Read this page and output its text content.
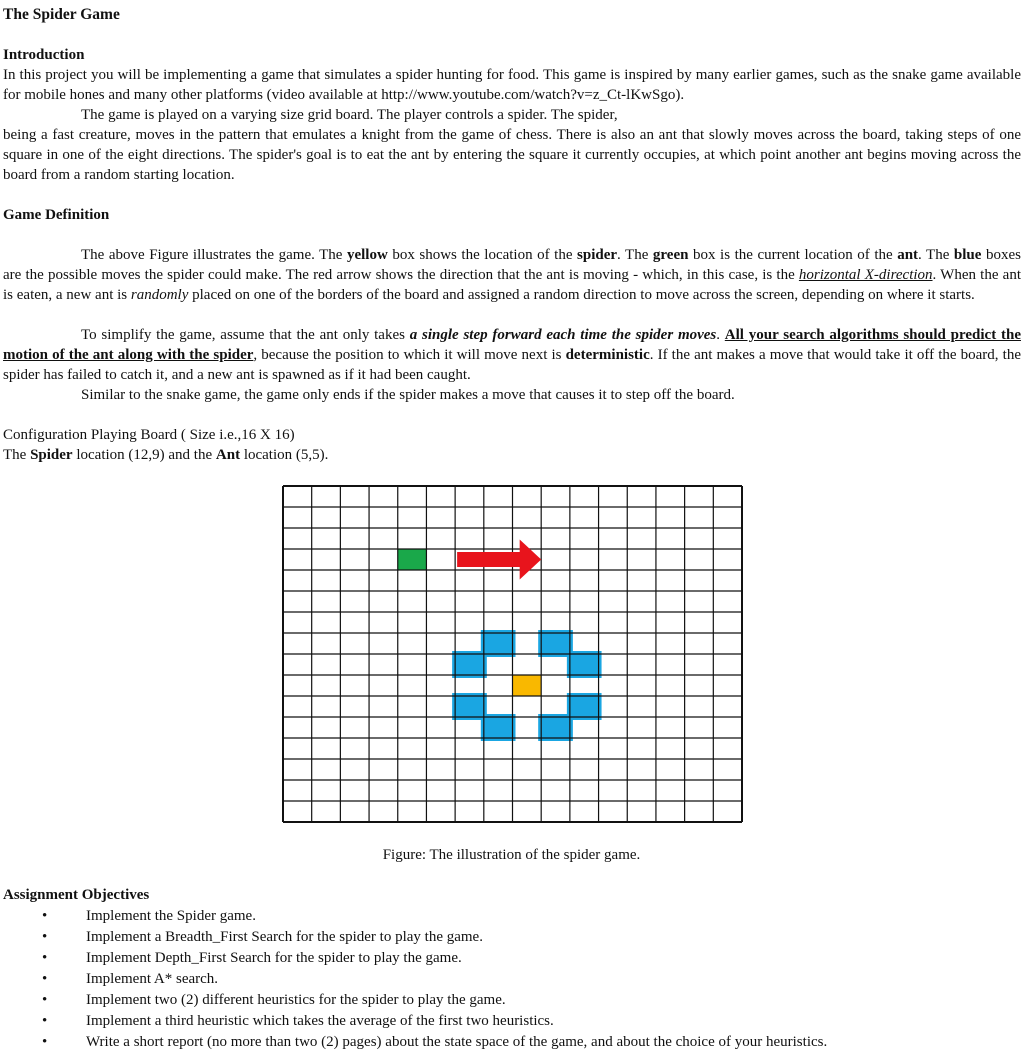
The Spider Game
Introduction
In this project you will be implementing a game that simulates a spider hunting for food. This game is inspired by many earlier games, such as the snake game available for mobile hones and many other platforms (video available at http://www.youtube.com/watch?v=z_Ct-lKwSgo).
The game is played on a varying size grid board. The player controls a spider. The spider,
being a fast creature, moves in the pattern that emulates a knight from the game of chess. There is also an ant that slowly moves across the board, taking steps of one square in one of the eight directions. The spider's goal is to eat the ant by entering the square it currently occupies, at which point another ant begins moving across the board from a random starting location.
Game Definition
The above Figure illustrates the game. The yellow box shows the location of the spider. The green box is the current location of the ant. The blue boxes are the possible moves the spider could make. The red arrow shows the direction that the ant is moving - which, in this case, is the horizontal X-direction. When the ant is eaten, a new ant is randomly placed on one of the borders of the board and assigned a random direction to move across the screen, depending on where it starts.
To simplify the game, assume that the ant only takes a single step forward each time the spider moves. All your search algorithms should predict the motion of the ant along with the spider, because the position to which it will move next is deterministic. If the ant makes a move that would take it off the board, the spider has failed to catch it, and a new ant is spawned as if it had been caught.
Similar to the snake game, the game only ends if the spider makes a move that causes it to step off the board.
Configuration Playing Board ( Size i.e.,16 X 16)
The Spider location (12,9) and the Ant location (5,5).
Figure: The illustration of the spider game.
Assignment Objectives
•	Implement the Spider game.
•	Implement a Breadth_First Search for the spider to play the game.
•	Implement Depth_First Search for the spider to play the game.
•	Implement A* search.
•	Implement two (2) different heuristics for the spider to play the game.
•	Implement a third heuristic which takes the average of the first two heuristics.
•	Write a short report (no more than two (2) pages) about the state space of the game, and about the choice of your heuristics.
